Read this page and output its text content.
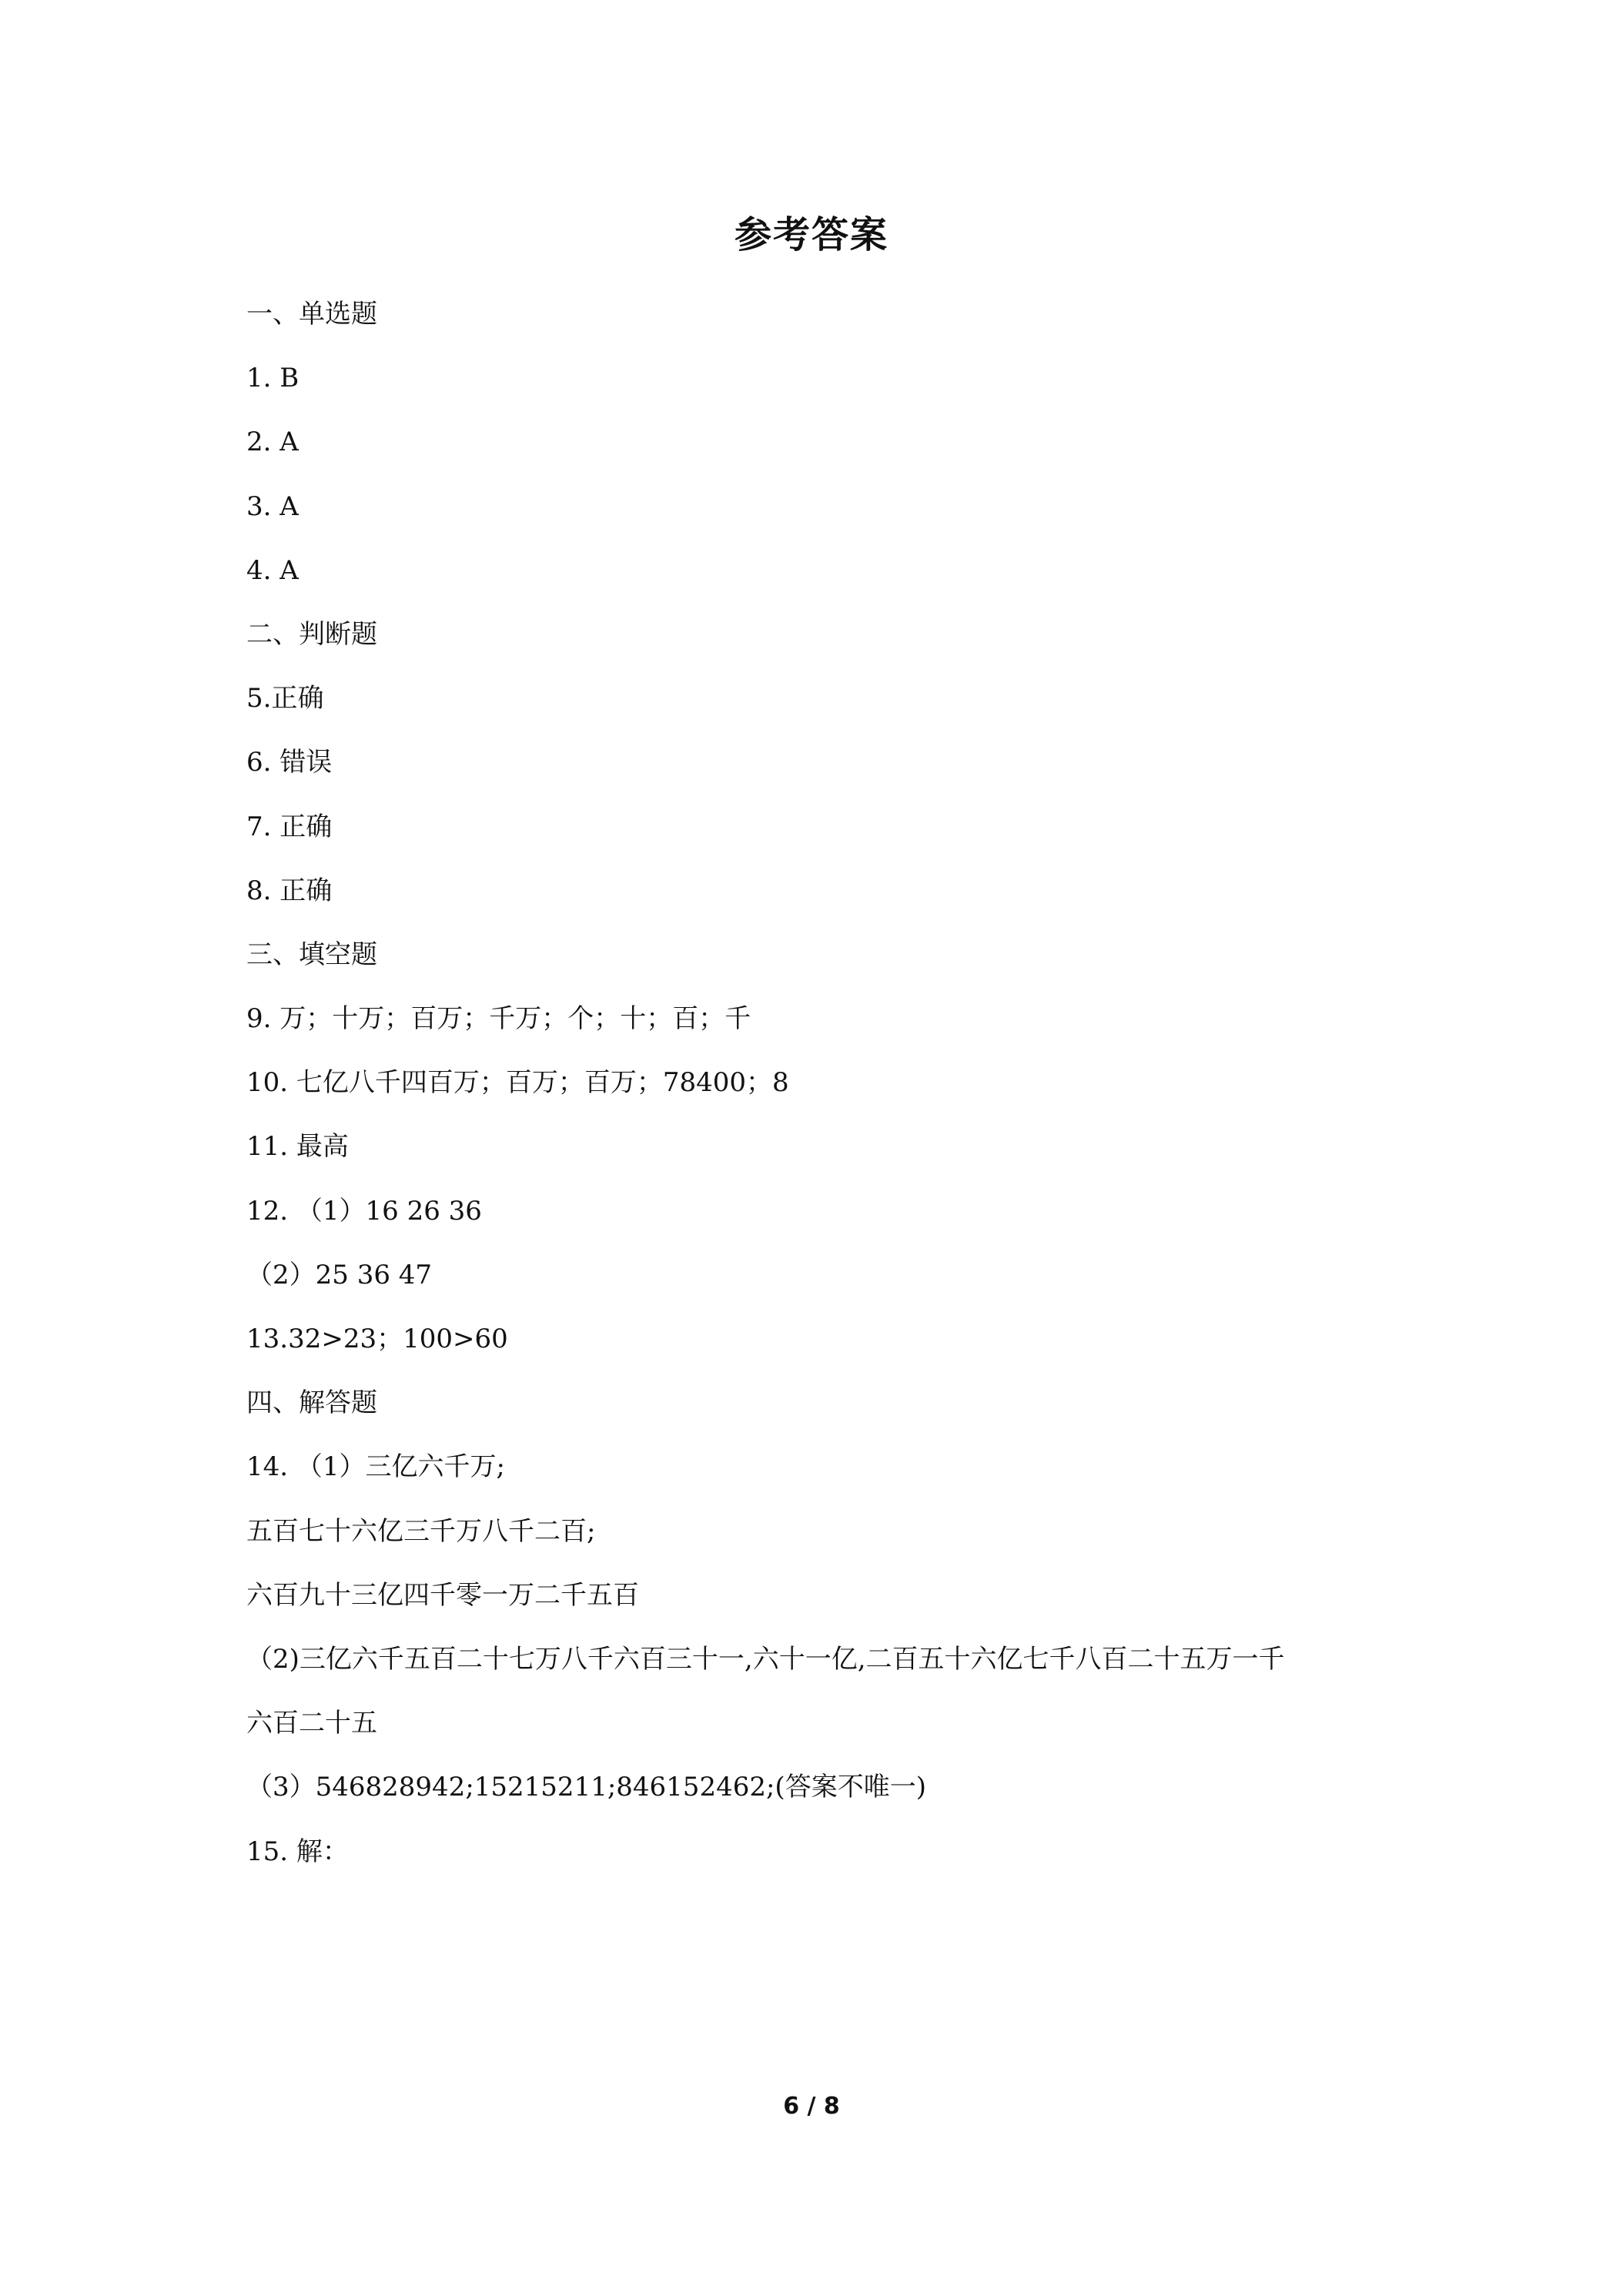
参考答案
一、单选题
1. B
2. A
3. A
4. A
二、判断题
5.正确
6. 错误
7. 正确
8. 正确
三、填空题
9. 万；十万；百万；千万；个；十；百；千
10. 七亿八千四百万；百万；百万；78400；8
11. 最高
12. （1）16 26 36
（2）25 36 47
13.32>23；100>60
四、解答题
14. （1）三亿六千万;
五百七十六亿三千万八千二百;
六百九十三亿四千零一万二千五百
（2)三亿六千五百二十七万八千六百三十一,六十一亿,二百五十六亿七千八百二十五万一千
六百二十五
（3）546828942;15215211;846152462;(答案不唯一)
15. 解：
6 / 8
